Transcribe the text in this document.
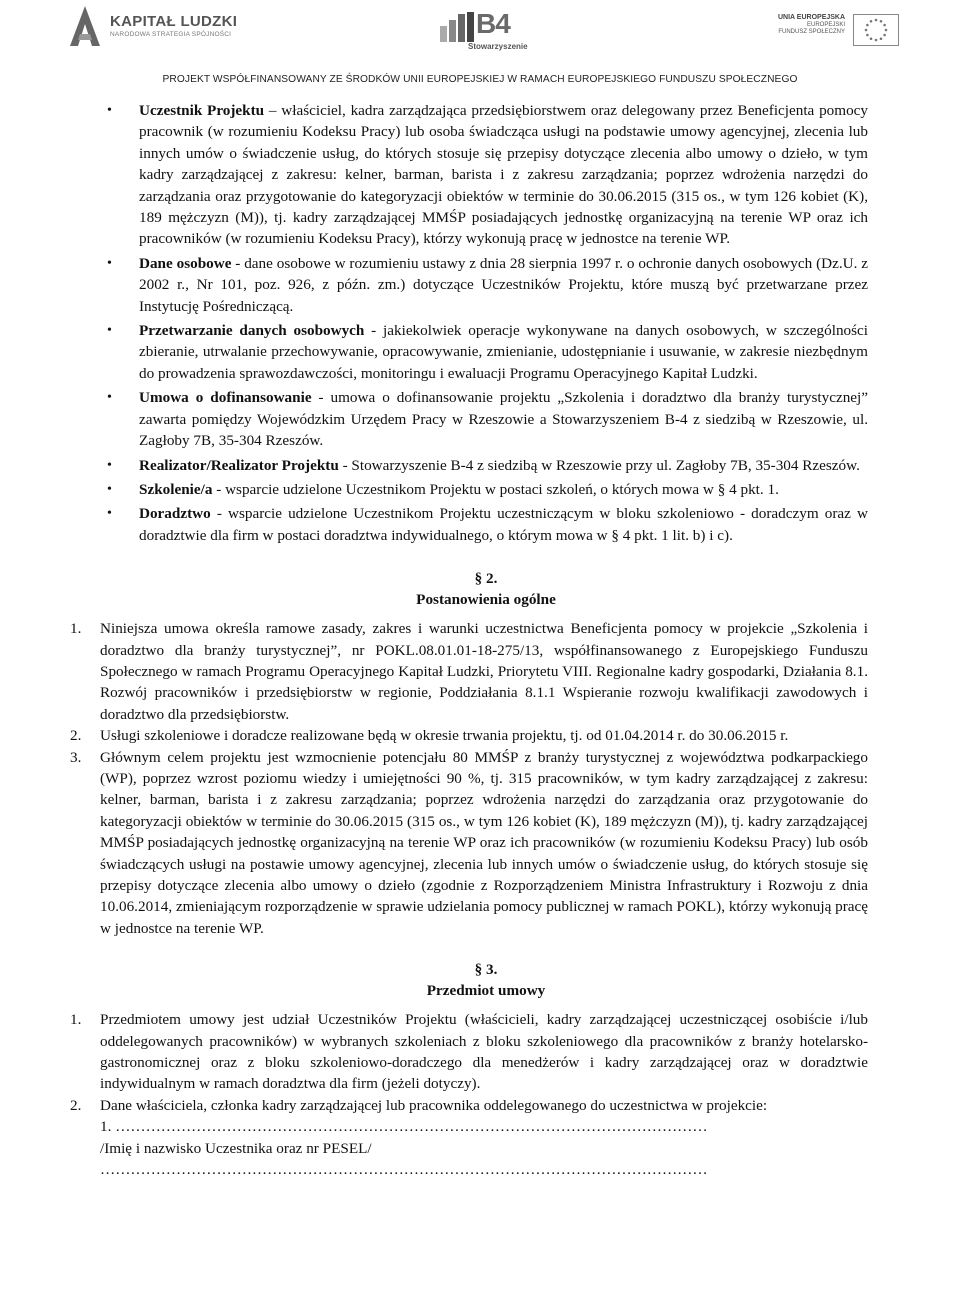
KAPITAŁ LUDZKI
NARODOWA STRATEGIA SPÓJNOŚCI	B4
Stowarzyszenie
UNIA EUROPEJSKA
EUROPEJSKI
FUNDUSZ SPOŁECZNY
PROJEKT WSPÓŁFINANSOWANY ZE ŚRODKÓW UNII EUROPEJSKIEJ W RAMACH EUROPEJSKIEGO FUNDUSZU SPOŁECZNEGO
• Uczestnik Projektu – właściciel, kadra zarządzająca przedsiębiorstwem oraz delegowany przez Beneficjenta pomocy pracownik (w rozumieniu Kodeksu Pracy) lub osoba świadcząca usługi na podstawie umowy agencyjnej, zlecenia lub innych umów o świadczenie usług, do których stosuje się przepisy dotyczące zlecenia albo umowy o dzieło, w tym kadry zarządzającej z zakresu: kelner, barman, barista i z zakresu zarządzania; poprzez wdrożenia narzędzi do zarządzania oraz przygotowanie do kategoryzacji obiektów w terminie do 30.06.2015 (315 os., w tym 126 kobiet (K), 189 mężczyzn (M)), tj. kadry zarządzającej MMŚP posiadających jednostkę organizacyjną na terenie WP oraz ich pracowników (w rozumieniu Kodeksu Pracy), którzy wykonują pracę w jednostce na terenie WP.
• Dane osobowe - dane osobowe w rozumieniu ustawy z dnia 28 sierpnia 1997 r. o ochronie danych osobowych (Dz.U. z 2002 r., Nr 101, poz. 926, z późn. zm.) dotyczące Uczestników Projektu, które muszą być przetwarzane przez Instytucję Pośredniczącą.
• Przetwarzanie danych osobowych - jakiekolwiek operacje wykonywane na danych osobowych, w szczególności zbieranie, utrwalanie przechowywanie, opracowywanie, zmienianie, udostępnianie i usuwanie, w zakresie niezbędnym do prowadzenia sprawozdawczości, monitoringu i ewaluacji Programu Operacyjnego Kapitał Ludzki.
• Umowa o dofinansowanie - umowa o dofinansowanie projektu „Szkolenia i doradztwo dla branży turystycznej” zawarta pomiędzy Wojewódzkim Urzędem Pracy w Rzeszowie a Stowarzyszeniem B-4 z siedzibą w Rzeszowie, ul. Zagłoby 7B, 35-304 Rzeszów.
• Realizator/Realizator Projektu - Stowarzyszenie B-4 z siedzibą w Rzeszowie przy ul. Zagłoby 7B, 35-304 Rzeszów.
• Szkolenie/a - wsparcie udzielone Uczestnikom Projektu w postaci szkoleń, o których mowa w § 4 pkt. 1.
• Doradztwo - wsparcie udzielone Uczestnikom Projektu uczestniczącym w bloku szkoleniowo - doradczym oraz w doradztwie dla firm w postaci doradztwa indywidualnego, o którym mowa w § 4 pkt. 1 lit. b) i c).
§ 2.
Postanowienia ogólne
1. Niniejsza umowa określa ramowe zasady, zakres i warunki uczestnictwa Beneficjenta pomocy w projekcie „Szkolenia i doradztwo dla branży turystycznej”, nr POKL.08.01.01-18-275/13, współfinansowanego z Europejskiego Funduszu Społecznego w ramach Programu Operacyjnego Kapitał Ludzki, Priorytetu VIII. Regionalne kadry gospodarki, Działania 8.1. Rozwój pracowników i przedsiębiorstw w regionie, Poddziałania 8.1.1 Wspieranie rozwoju kwalifikacji zawodowych i doradztwo dla przedsiębiorstw.
2. Usługi szkoleniowe i doradcze realizowane będą w okresie trwania projektu, tj. od 01.04.2014 r. do 30.06.2015 r.
3. Głównym celem projektu jest wzmocnienie potencjału 80 MMŚP z branży turystycznej z województwa podkarpackiego (WP), poprzez wzrost poziomu wiedzy i umiejętności 90 %, tj. 315 pracowników, w tym kadry zarządzającej z zakresu: kelner, barman, barista i z zakresu zarządzania; poprzez wdrożenia narzędzi do zarządzania oraz przygotowanie do kategoryzacji obiektów w terminie do 30.06.2015 (315 os., w tym 126 kobiet (K), 189 mężczyzn (M)), tj. kadry zarządzającej MMŚP posiadających jednostkę organizacyjną na terenie WP oraz ich pracowników (w rozumieniu Kodeksu Pracy) lub osób świadczących usługi na postawie umowy agencyjnej, zlecenia lub innych umów o świadczenie usług, do których stosuje się przepisy dotyczące zlecenia albo umowy o dzieło (zgodnie z Rozporządzeniem Ministra Infrastruktury i Rozwoju z dnia 10.06.2014, zmieniającym rozporządzenie w sprawie udzielania pomocy publicznej w ramach POKL), którzy wykonują pracę w jednostce na terenie WP.
§ 3.
Przedmiot umowy
1. Przedmiotem umowy jest udział Uczestników Projektu (właścicieli, kadry zarządzającej uczestniczącej osobiście i/lub oddelegowanych pracowników) w wybranych szkoleniach z bloku szkoleniowego dla pracowników z branży hotelarsko-gastronomicznej oraz z bloku szkoleniowo-doradczego dla menedżerów i kadry zarządzającej oraz w doradztwie indywidualnym w ramach doradztwa dla firm (jeżeli dotyczy).
2. Dane właściciela, członka kadry zarządzającej lub pracownika oddelegowanego do uczestnictwa w projekcie:
1. ………………………………………………………………………………………………………
/Imię i nazwisko Uczestnika oraz nr PESEL/
…………………………………………………………………………………………………………
